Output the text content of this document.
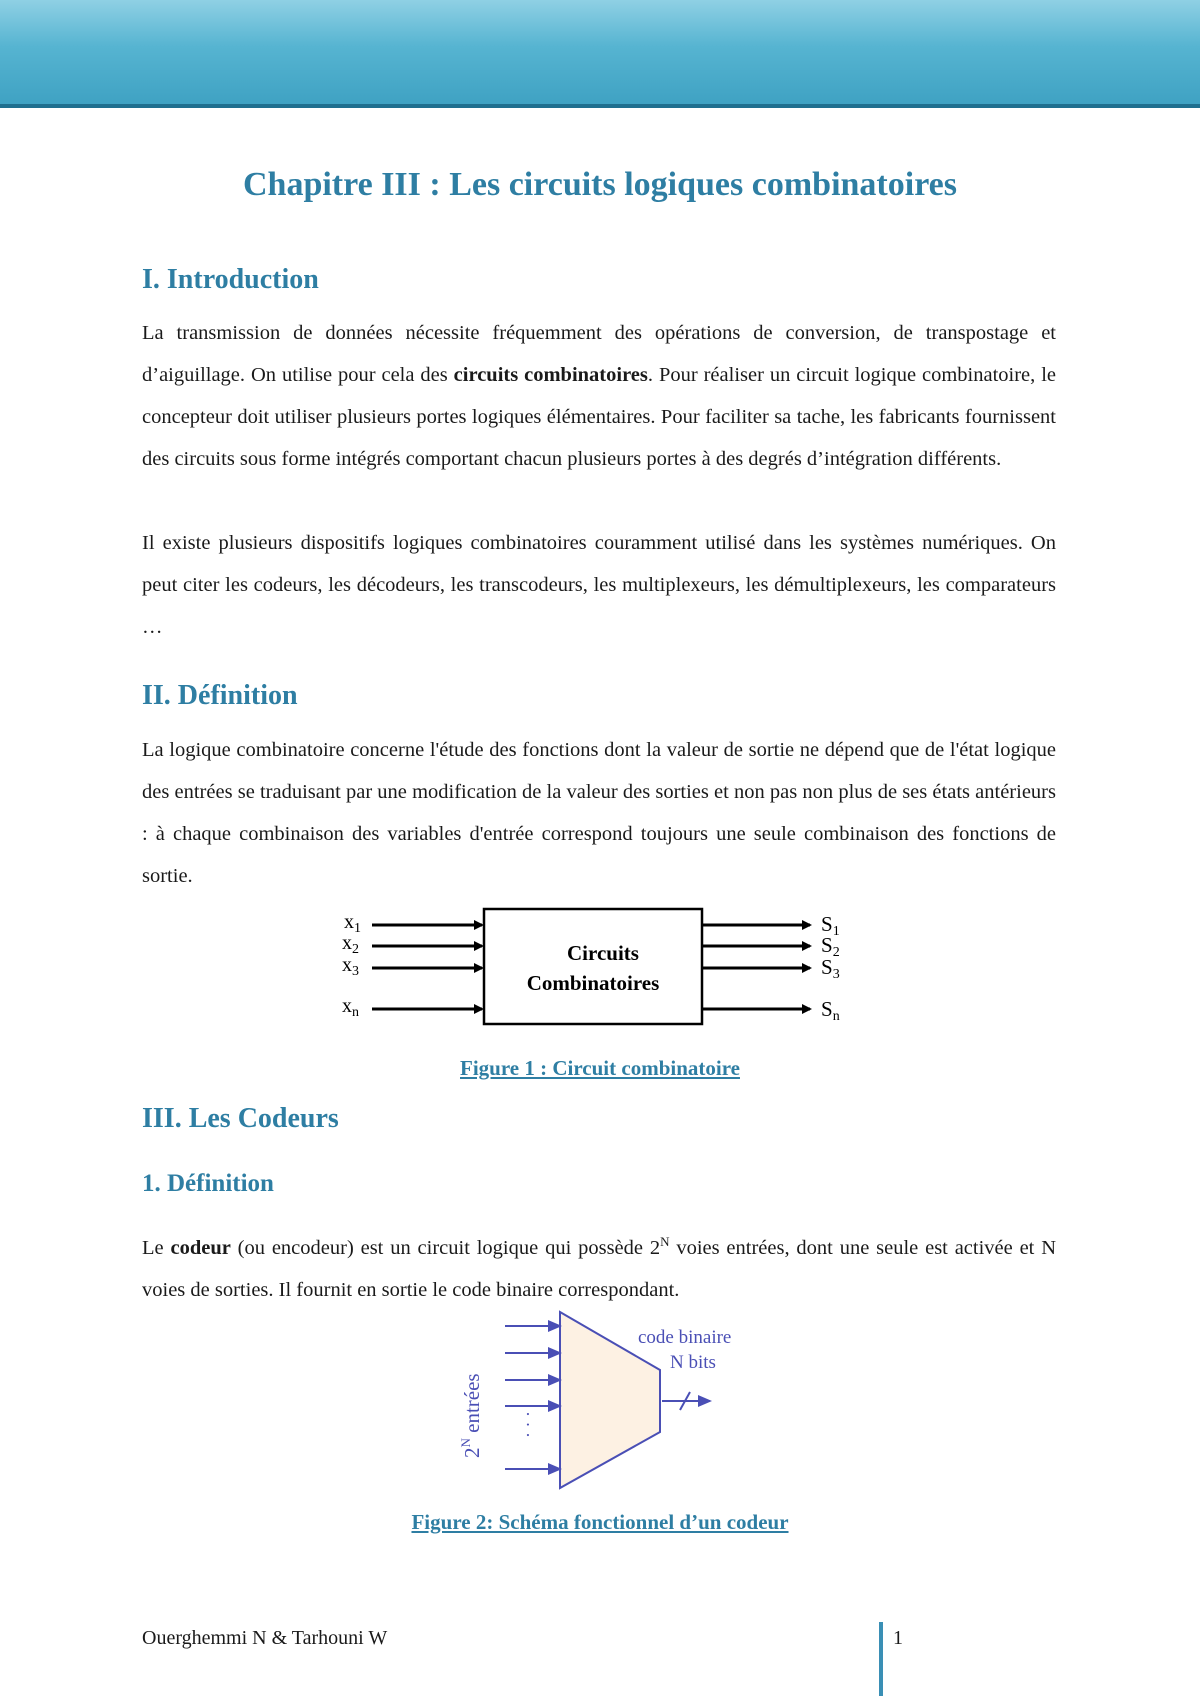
Chapitre III : Les circuits logiques combinatoires
I. Introduction

La transmission de données nécessite fréquemment des opérations de conversion, de transpostage et d’aiguillage. On utilise pour cela des circuits combinatoires. Pour réaliser un circuit logique combinatoire, le concepteur doit utiliser plusieurs portes logiques élémentaires. Pour faciliter sa tache, les fabricants fournissent des circuits sous forme intégrés comportant chacun plusieurs portes à des degrés d’intégration différents.

Il existe plusieurs dispositifs logiques combinatoires couramment utilisé dans les systèmes numériques. On peut citer les codeurs, les décodeurs, les transcodeurs, les multiplexeurs, les démultiplexeurs, les comparateurs …

II. Définition

La logique combinatoire concerne l'étude des fonctions dont la valeur de sortie ne dépend que de l'état logique des entrées se traduisant par une modification de la valeur des sorties et non pas non plus de ses états antérieurs : à chaque combinaison des variables d'entrée correspond toujours une seule combinaison des fonctions de sortie.

Circuits
Combinatoires
$x_1$
$x_2$
$x_3$
$x_n$
S1
S2
S3
Sn
· · ·
$2^N$ entrées
code binaire
N bits
Figure 1 : Circuit combinatoire
III. Les Codeurs
1. Définition

Le codeur (ou encodeur) est un circuit logique qui possède $2^N$ voies entrées, dont une seule est activée et N voies de sorties. Il fournit en sortie le code binaire correspondant.

Figure 2: Schéma fonctionnel d’un codeur
Ouerghemmi N & Tarhouni W	1
